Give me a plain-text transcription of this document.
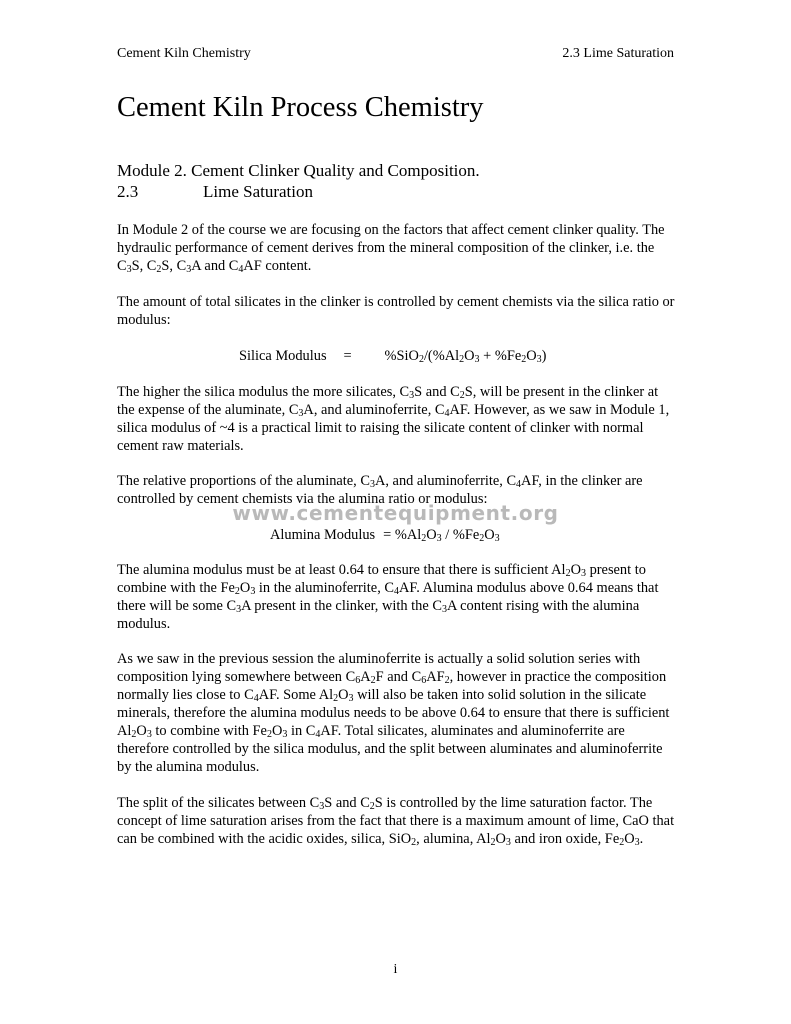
Cement Kiln Chemistry	2.3 Lime Saturation
Cement Kiln Process Chemistry
Module 2. Cement Clinker Quality and Composition.
2.3	Lime Saturation

In Module 2 of the course we are focusing on the factors that affect cement clinker quality. The hydraulic performance of cement derives from the mineral composition of the clinker, i.e. the $C_3S$, $C_2S$, $C_3A$ and $C_4AF$ content.

The amount of total silicates in the clinker is controlled by cement chemists via the silica ratio or modulus:

Silica Modulus = $\%SiO_2/(\%Al_2O_3 + \%Fe_2O_3)$

The higher the silica modulus the more silicates, $C_3S$ and $C_2S$, will be present in the clinker at the expense of the aluminate, $C_3A$, and aluminoferrite, $C_4AF$. However, as we saw in Module 1, silica modulus of ~4 is a practical limit to raising the silicate content of clinker with normal cement raw materials.

The relative proportions of the aluminate, $C_3A$, and aluminoferrite, $C_4AF$, in the clinker are controlled by cement chemists via the alumina ratio or modulus:

www.cementequipment.org
Alumina Modulus = $\%Al_2O_3 / \%Fe_2O_3$

The alumina modulus must be at least 0.64 to ensure that there is sufficient $Al_2O_3$ present to combine with the $Fe_2O_3$ in the aluminoferrite, $C_4AF$. Alumina modulus above 0.64 means that there will be some $C_3A$ present in the clinker, with the $C_3A$ content rising with the alumina modulus.

As we saw in the previous session the aluminoferrite is actually a solid solution series with composition lying somewhere between $C_6A_2F$ and $C_6AF_2$, however in practice the composition normally lies close to $C_4AF$. Some $Al_2O_3$ will also be taken into solid solution in the silicate minerals, therefore the alumina modulus needs to be above 0.64 to ensure that there is sufficient $Al_2O_3$ to combine with $Fe_2O_3$ in $C_4AF$. Total silicates, aluminates and aluminoferrite are therefore controlled by the silica modulus, and the split between aluminates and aluminoferrite by the alumina modulus.

The split of the silicates between $C_3S$ and $C_2S$ is controlled by the lime saturation factor. The concept of lime saturation arises from the fact that there is a maximum amount of lime, CaO that can be combined with the acidic oxides, silica, SiO$_2$, alumina, $Al_2O_3$ and iron oxide, $Fe_2O_3$.

i
